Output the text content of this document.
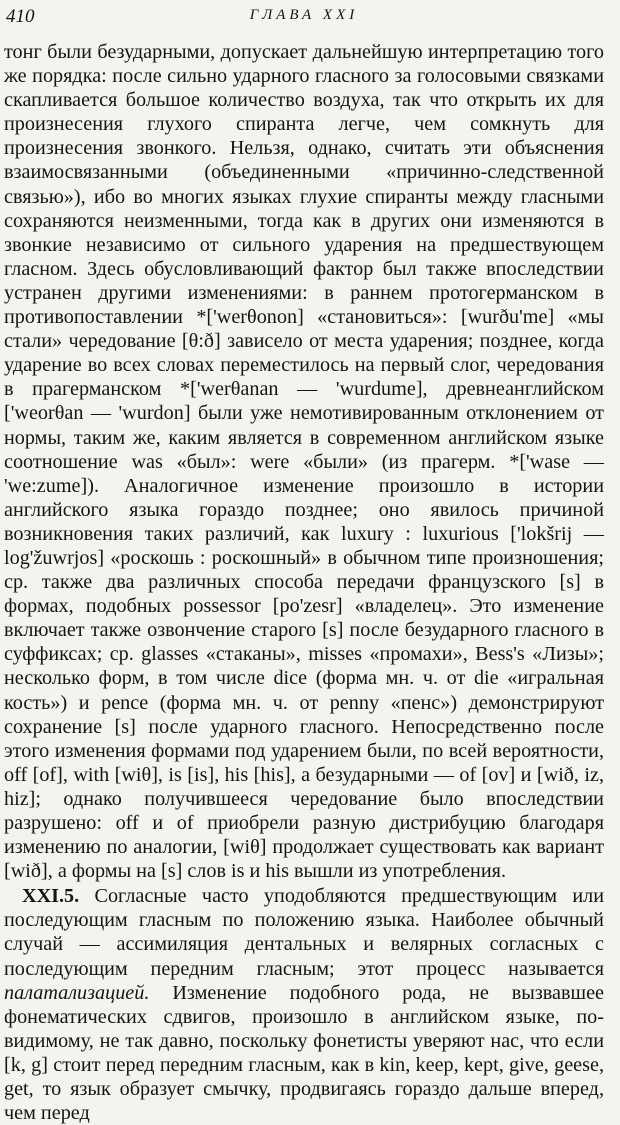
410	ГЛАВА XXI

тонг были безударными, допускает дальнейшую интерпретацию того же порядка: после сильно ударного гласного за голосовыми связками скапливается большое количество воздуха, так что открыть их для произнесения глухого спиранта легче, чем сомкнуть для произнесения звонкого. Нельзя, однако, считать эти объяснения взаимосвязанными (объединенными «причинно-следственной связью»), ибо во многих языках глухие спиранты между гласными сохраняются неизменными, тогда как в других они изменяются в звонкие независимо от сильного ударения на предшествующем гласном. Здесь обусловливающий фактор был также впоследствии устранен другими изменениями: в раннем протогерманском в противопоставлении *['werθonon] «становиться»: [wurðu'me] «мы стали» чередование [θ:ð] зависело от места ударения; позднее, когда ударение во всех словах переместилось на первый слог, чередования в прагерманском *['werθanan — 'wurdume], древнеанглийском ['weorθan — 'wurdon] были уже немотивированным отклонением от нормы, таким же, каким является в современном английском языке соотношение was «был»: were «были» (из прагерм. *['wase — 'we:zume]). Аналогичное изменение произошло в истории английского языка гораздо позднее; оно явилось причиной возникновения таких различий, как luxury : luxurious ['lokšrij — log'žuwrjos] «роскошь : роскошный» в обычном типе произношения; ср. также два различных способа передачи французского [s] в формах, подобных possessor [po'zesr] «владелец». Это изменение включает также озвончение старого [s] после безударного гласного в суффиксах; ср. glasses «стаканы», misses «промахи», Bess's «Лизы»; несколько форм, в том числе dice (форма мн. ч. от die «игральная кость») и pence (форма мн. ч. от penny «пенс») демонстрируют сохранение [s] после ударного гласного. Непосредственно после этого изменения формами под ударением были, по всей вероятности, off [of], with [wiθ], is [is], his [his], а безударными — of [ov] и [wið, iz, hiz]; однако получившееся чередование было впоследствии разрушено: off и of приобрели разную дистрибуцию благодаря изменению по аналогии, [wiθ] продолжает существовать как вариант [wið], а формы на [s] слов is и his вышли из употребления.

XXI.5. Согласные часто уподобляются предшествующим или последующим гласным по положению языка. Наиболее обычный случай — ассимиляция дентальных и велярных согласных с последующим передним гласным; этот процесс называется палатализацией. Изменение подобного рода, не вызвавшее фонематических сдвигов, произошло в английском языке, по-видимому, не так давно, поскольку фонетисты уверяют нас, что если [k, g] стоит перед передним гласным, как в kin, keep, kept, give, geese, get, то язык образует смычку, продвигаясь гораздо дальше вперед, чем перед
